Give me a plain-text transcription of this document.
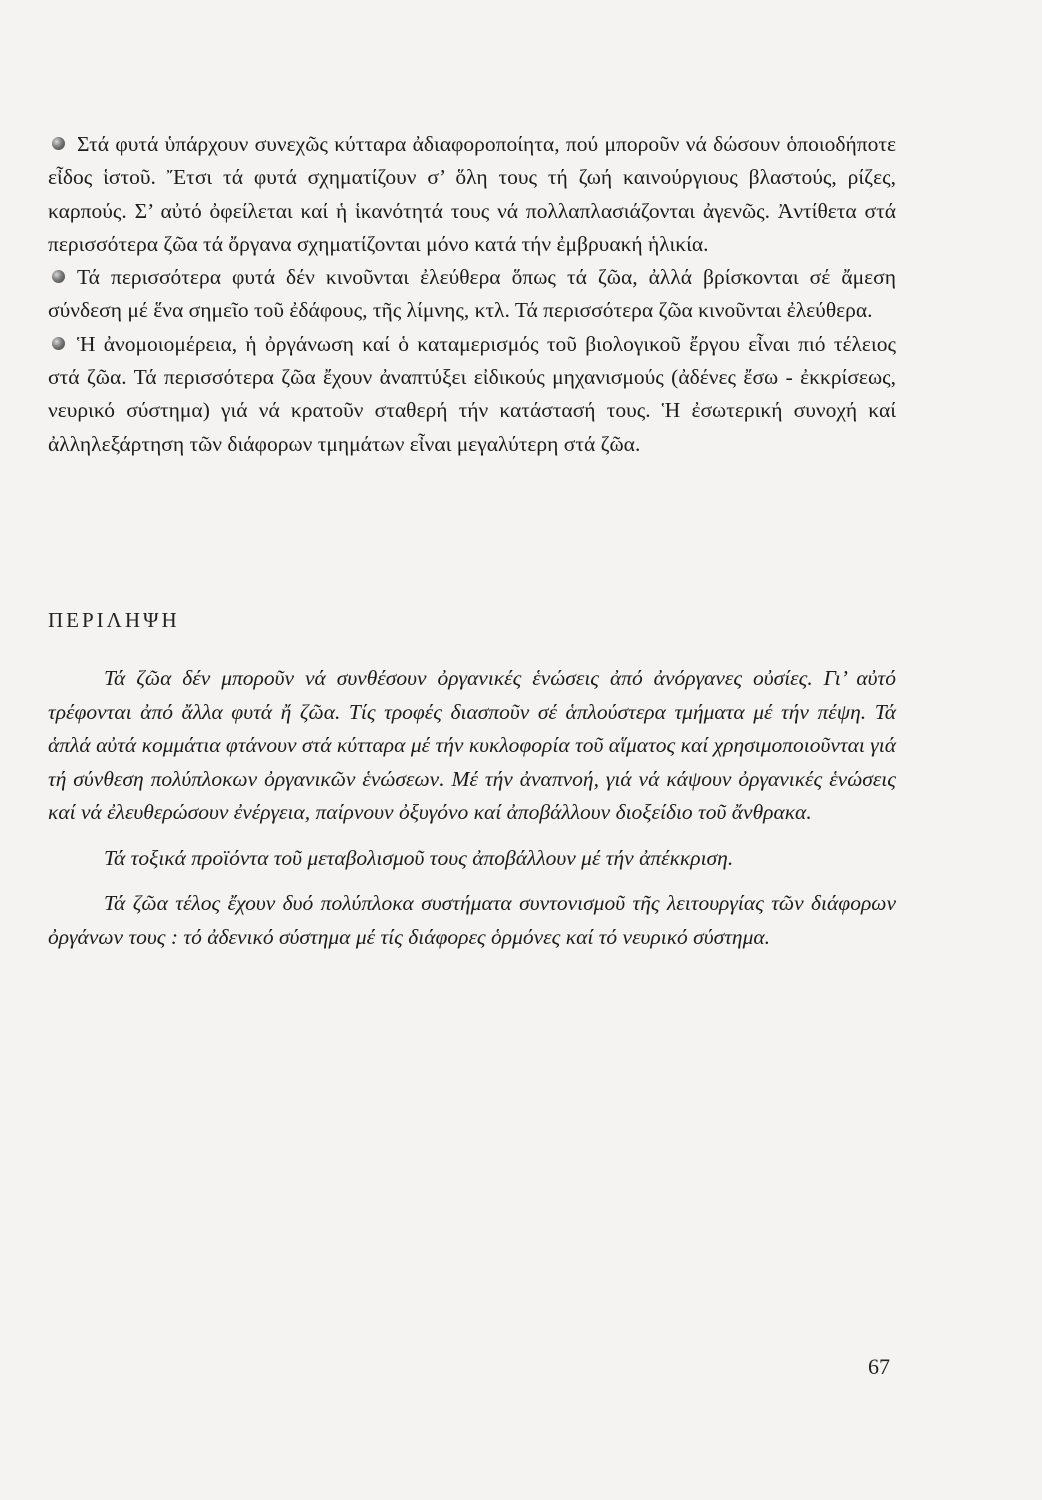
Στά φυτά ὑπάρχουν συνεχῶς κύτταρα ἀδιαφοροποίητα, πού μποροῦν νά δώσουν ὁποιοδήποτε εἶδος ἱστοῦ. Ἔτσι τά φυτά σχηματίζουν σ’ ὅλη τους τή ζωή καινούργιους βλαστούς, ρίζες, καρπούς. Σ’ αὐτό ὀφείλεται καί ἡ ἱκανότητά τους νά πολλαπλασιάζονται ἀγενῶς. Ἀντίθετα στά περισσότερα ζῶα τά ὄργανα σχηματίζονται μόνο κατά τήν ἐμβρυακή ἡλικία.

Τά περισσότερα φυτά δέν κινοῦνται ἐλεύθερα ὅπως τά ζῶα, ἀλλά βρίσκονται σέ ἄμεση σύνδεση μέ ἕνα σημεῖο τοῦ ἐδάφους, τῆς λίμνης, κτλ. Τά περισσότερα ζῶα κινοῦνται ἐλεύθερα.

Ἡ ἀνομοιομέρεια, ἡ ὀργάνωση καί ὁ καταμερισμός τοῦ βιολογικοῦ ἔργου εἶναι πιό τέλειος στά ζῶα. Τά περισσότερα ζῶα ἔχουν ἀναπτύξει εἰδικούς μηχανισμούς (ἀδένες ἔσω - ἐκκρίσεως, νευρικό σύστημα) γιά νά κρατοῦν σταθερή τήν κατάστασή τους. Ἡ ἐσωτερική συνοχή καί ἀλληλεξάρτηση τῶν διάφορων τμημάτων εἶναι μεγαλύτερη στά ζῶα.

ΠΕΡΙΛΗΨΗ

Τά ζῶα δέν μποροῦν νά συνθέσουν ὀργανικές ἑνώσεις ἀπό ἀνόργανες οὐσίες. Γι’ αὐτό τρέφονται ἀπό ἄλλα φυτά ἤ ζῶα. Τίς τροφές διασποῦν σέ ἁπλούστερα τμήματα μέ τήν πέψη. Τά ἁπλά αὐτά κομμάτια φτάνουν στά κύτταρα μέ τήν κυκλοφορία τοῦ αἵματος καί χρησιμοποιοῦνται γιά τή σύνθεση πολύπλοκων ὀργανικῶν ἑνώσεων. Μέ τήν ἀναπνοή, γιά νά κάψουν ὀργανικές ἑνώσεις καί νά ἐλευθερώσουν ἐνέργεια, παίρνουν ὀξυγόνο καί ἀποβάλλουν διοξείδιο τοῦ ἄνθρακα.

Τά τοξικά προϊόντα τοῦ μεταβολισμοῦ τους ἀποβάλλουν μέ τήν ἀπέκκριση.

Τά ζῶα τέλος ἔχουν δυό πολύπλοκα συστήματα συντονισμοῦ τῆς λειτουργίας τῶν διάφορων ὀργάνων τους : τό ἀδενικό σύστημα μέ τίς διάφορες ὁρμόνες καί τό νευρικό σύστημα.

67
